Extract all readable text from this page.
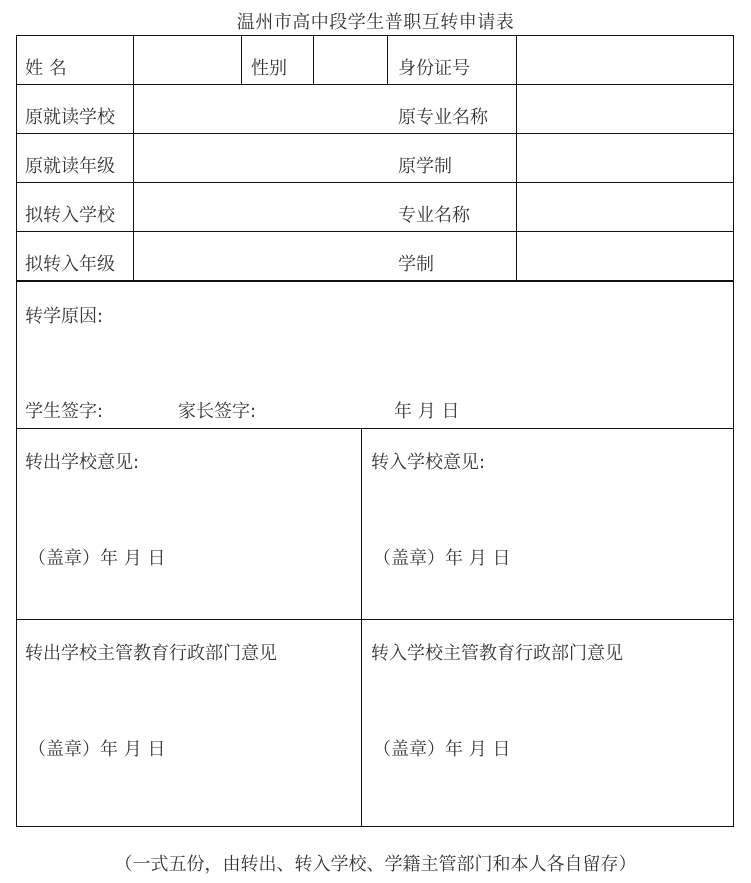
温州市高中段学生普职互转申请表
姓 名	性别	身份证号
原就读学校	原专业名称
原就读年级	原学制
拟转入学校	专业名称
拟转入年级	学制
转学原因:
学生签字:	家长签字:	年 月 日
转出学校意见:	转入学校意见:
（盖章）年 月 日	（盖章）年 月 日
转出学校主管教育行政部门意见	转入学校主管教育行政部门意见
（盖章）年 月 日	（盖章）年 月 日
（一式五份，由转出、转入学校、学籍主管部门和本人各自留存）
